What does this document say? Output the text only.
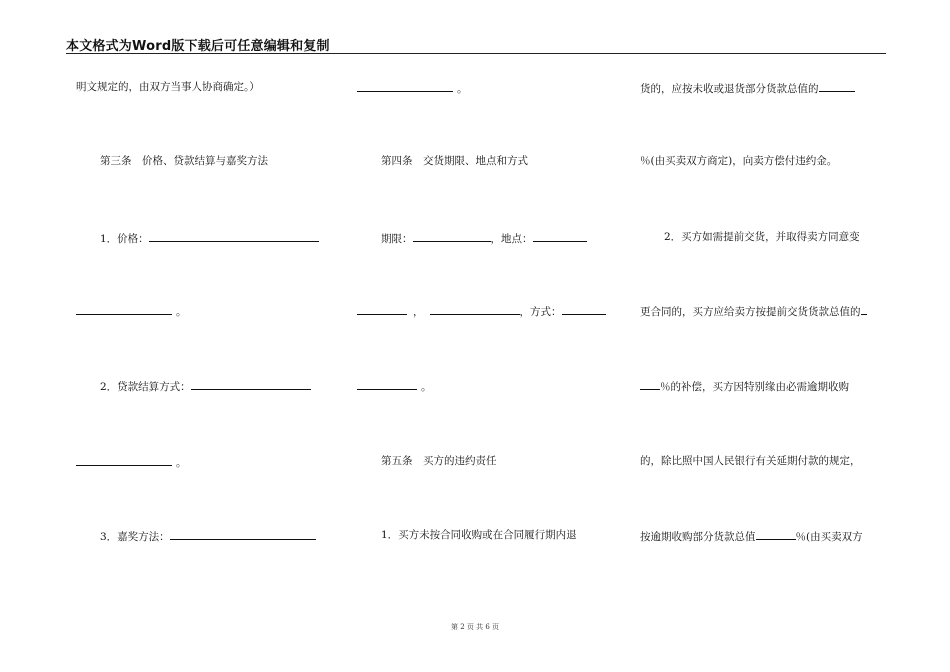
本文格式为Word版下载后可任意编辑和复制
明文规定的，由双方当事人协商确定。）
第三条　价格、贷款结算与嘉奖方法
1．价格：
。
2．贷款结算方式：
。
3．嘉奖方法：
。
第四条　交货期限、地点和方式
期限：	，地点：
，	，方式：
。
第五条　买方的违约责任
1．买方未按合同收购或在合同履行期内退
货的，应按未收或退货部分货款总值的
％(由买卖双方商定)，向卖方偿付违约金。
2．买方如需提前交货，并取得卖方同意变
更合同的，买方应给卖方按提前交货货款总值的
％的补偿，买方因特别缘由必需逾期收购
的，除比照中国人民银行有关延期付款的规定，
按逾期收购部分货款总值	％(由买卖双方
第 2 页 共 6 页
